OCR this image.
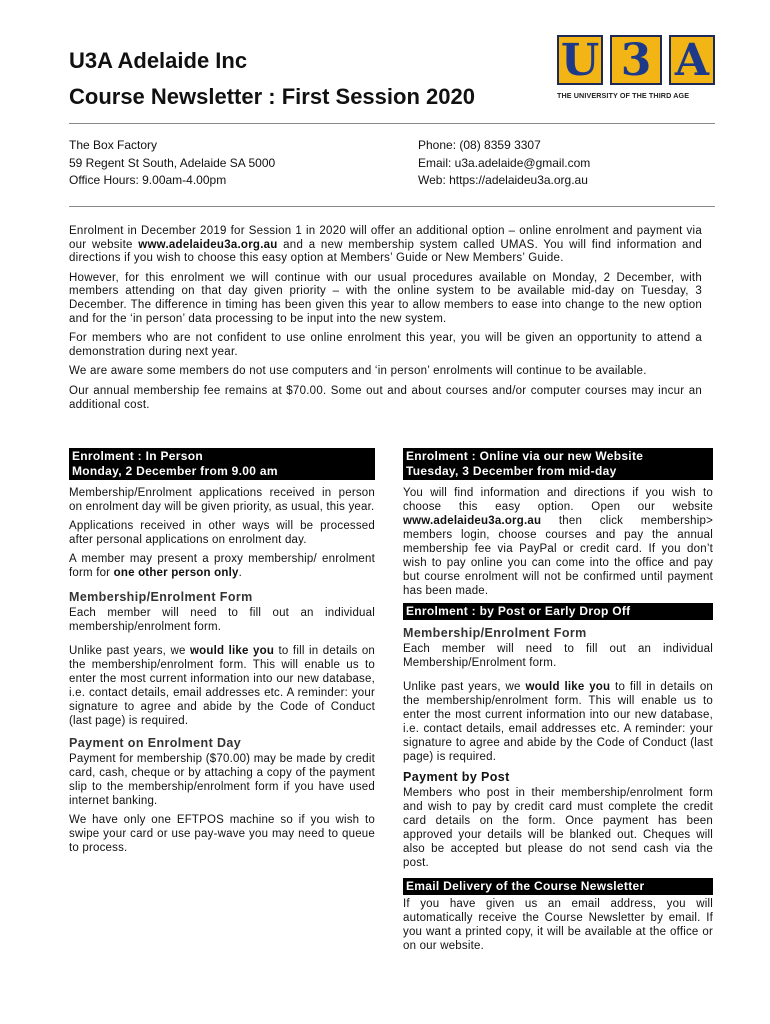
U3A Adelaide Inc
Course Newsletter : First Session 2020
U 3 A
THE UNIVERSITY OF THE THIRD AGE
The Box Factory
59 Regent St South, Adelaide SA 5000
Office Hours: 9.00am-4.00pm
Phone: (08) 8359 3307
Email: u3a.adelaide@gmail.com
Web: https://adelaideu3a.org.au

Enrolment in December 2019 for Session 1 in 2020 will offer an additional option – online enrolment and payment via our website www.adelaideu3a.org.au and a new membership system called UMAS. You will find information and directions if you wish to choose this easy option at Members’ Guide or New Members’ Guide.

However, for this enrolment we will continue with our usual procedures available on Monday, 2 December, with members attending on that day given priority – with the online system to be available mid-day on Tuesday, 3 December. The difference in timing has been given this year to allow members to ease into change to the new option and for the ‘in person’ data processing to be input into the new system.

For members who are not confident to use online enrolment this year, you will be given an opportunity to attend a demonstration during next year.

We are aware some members do not use computers and ‘in person’ enrolments will continue to be available.

Our annual membership fee remains at $70.00. Some out and about courses and/or computer courses may incur an additional cost.

Enrolment : In Person
Monday, 2 December from 9.00 am

Membership/Enrolment applications received in person on enrolment day will be given priority, as usual, this year.

Applications received in other ways will be processed after personal applications on enrolment day.

A member may present a proxy membership/ enrolment form for one other person only.

Membership/Enrolment Form

Each member will need to fill out an individual membership/enrolment form.

Unlike past years, we would like you to fill in details on the membership/enrolment form. This will enable us to enter the most current information into our new database, i.e. contact details, email addresses etc. A reminder: your signature to agree and abide by the Code of Conduct (last page) is required.

Payment on Enrolment Day

Payment for membership ($70.00) may be made by credit card, cash, cheque or by attaching a copy of the payment slip to the membership/enrolment form if you have used internet banking.

We have only one EFTPOS machine so if you wish to swipe your card or use pay-wave you may need to queue to process.

Enrolment : Online via our new Website
Tuesday, 3 December from mid-day

You will find information and directions if you wish to choose this easy option. Open our website www.adelaideu3a.org.au then click membership> members login, choose courses and pay the annual membership fee via PayPal or credit card. If you don’t wish to pay online you can come into the office and pay but course enrolment will not be confirmed until payment has been made.

Enrolment : by Post or Early Drop Off
Membership/Enrolment Form

Each member will need to fill out an individual Membership/Enrolment form.

Unlike past years, we would like you to fill in details on the membership/enrolment form. This will enable us to enter the most current information into our new database, i.e. contact details, email addresses etc. A reminder: your signature to agree and abide by the Code of Conduct (last page) is required.

Payment by Post

Members who post in their membership/enrolment form and wish to pay by credit card must complete the credit card details on the form. Once payment has been approved your details will be blanked out. Cheques will also be accepted but please do not send cash via the post.

Email Delivery of the Course Newsletter

If you have given us an email address, you will automatically receive the Course Newsletter by email. If you want a printed copy, it will be available at the office or on our website.
